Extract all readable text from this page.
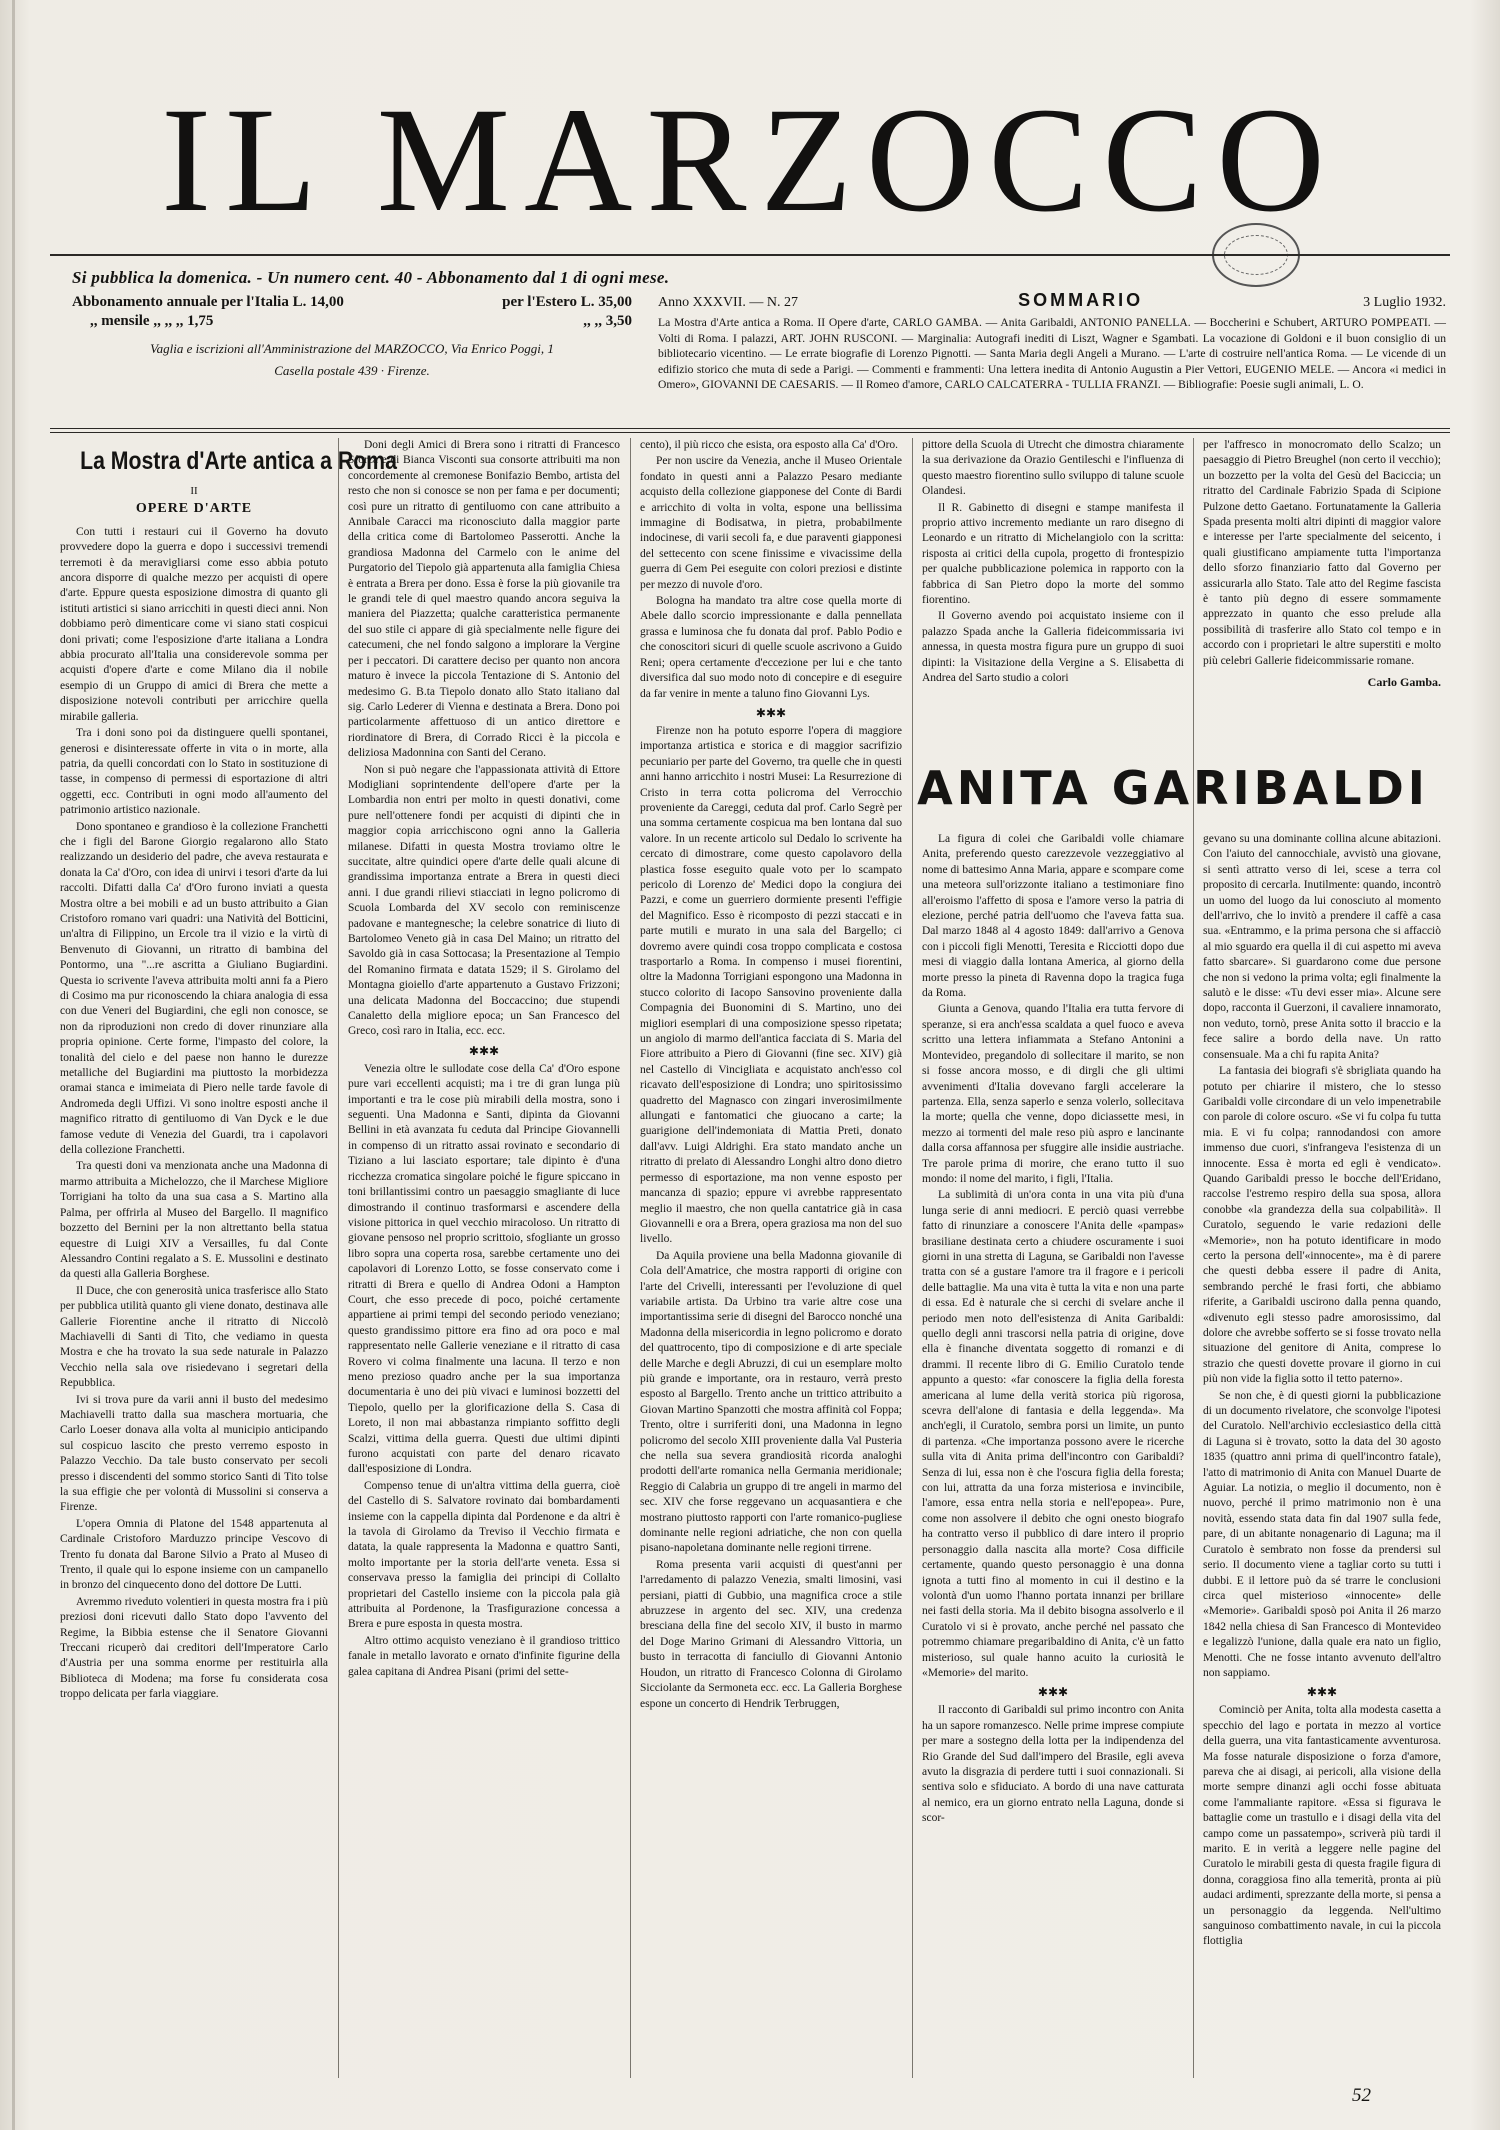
IL MARZOCCO
Si pubblica la domenica. - Un numero cent. 40 - Abbonamento dal 1 di ogni mese.
Abbonamento annuale per l'Italia L. 14,00	per l'Estero L. 35,00
,, mensile ,, ,, ,, 1,75	,, ,, 3,50
Vaglia e iscrizioni all'Amministrazione del MARZOCCO, Via Enrico Poggi, 1
Casella postale 439 · Firenze.
Anno XXXVII. — N. 27	SOMMARIO	3 Luglio 1932.
La Mostra d'Arte antica a Roma. II Opere d'arte, CARLO GAMBA. — Anita Garibaldi, ANTONIO PANELLA. — Boccherini e Schubert, ARTURO POMPEATI. — Volti di Roma. I palazzi, ART. JOHN RUSCONI. — Marginalia: Autografi inediti di Liszt, Wagner e Sgambati. La vocazione di Goldoni e il buon consiglio di un bibliotecario vicentino. — Le errate biografie di Lorenzo Pignotti. — Santa Maria degli Angeli a Murano. — L'arte di costruire nell'antica Roma. — Le vicende di un edifizio storico che muta di sede a Parigi. — Commenti e frammenti: Una lettera inedita di Antonio Augustin a Pier Vettori, EUGENIO MELE. — Ancora «i medici in Omero», GIOVANNI DE CAESARIS. — Il Romeo d'amore, CARLO CALCATERRA - TULLIA FRANZI. — Bibliografie: Poesie sugli animali, L. O.
La Mostra d'Arte antica a Roma
II
OPERE D'ARTE

Con tutti i restauri cui il Governo ha dovuto provvedere dopo la guerra e dopo i successivi tremendi terremoti è da meravigliarsi come esso abbia potuto ancora disporre di qualche mezzo per acquisti di opere d'arte. Eppure questa esposizione dimostra di quanto gli istituti artistici si siano arricchiti in questi dieci anni. Non dobbiamo però dimenticare come vi siano stati cospicui doni privati; come l'esposizione d'arte italiana a Londra abbia procurato all'Italia una considerevole somma per acquisti d'opere d'arte e come Milano dia il nobile esempio di un Gruppo di amici di Brera che mette a disposizione notevoli contributi per arricchire quella mirabile galleria.

Tra i doni sono poi da distinguere quelli spontanei, generosi e disinteressate offerte in vita o in morte, alla patria, da quelli concordati con lo Stato in sostituzione di tasse, in compenso di permessi di esportazione di altri oggetti, ecc. Contributi in ogni modo all'aumento del patrimonio artistico nazionale.

Dono spontaneo e grandioso è la collezione Franchetti che i figli del Barone Giorgio regalarono allo Stato realizzando un desiderio del padre, che aveva restaurata e donata la Ca' d'Oro, con idea di unirvi i tesori d'arte da lui raccolti. Difatti dalla Ca' d'Oro furono inviati a questa Mostra oltre a bei mobili e ad un busto attribuito a Gian Cristoforo romano vari quadri: una Natività del Botticini, un'altra di Filippino, un Ercole tra il vizio e la virtù di Benvenuto di Giovanni, un ritratto di bambina del Pontormo, una "...re ascritta a Giuliano Bugiardini. Questa io scrivente l'aveva attribuita molti anni fa a Piero di Cosimo ma pur riconoscendo la chiara analogia di essa con due Veneri del Bugiardini, che egli non conosce, se non da riproduzioni non credo di dover rinunziare alla propria opinione. Certe forme, l'impasto del colore, la tonalità del cielo e del paese non hanno le durezze metalliche del Bugiardini ma piuttosto la morbidezza oramai stanca e imimeiata di Piero nelle tarde favole di Andromeda degli Uffizi. Vi sono inoltre esposti anche il magnifico ritratto di gentiluomo di Van Dyck e le due famose vedute di Venezia del Guardi, tra i capolavori della collezione Franchetti.

Tra questi doni va menzionata anche una Madonna di marmo attribuita a Michelozzo, che il Marchese Migliore Torrigiani ha tolto da una sua casa a S. Martino alla Palma, per offrirla al Museo del Bargello. Il magnifico bozzetto del Bernini per la non altrettanto bella statua equestre di Luigi XIV a Versailles, fu dal Conte Alessandro Contini regalato a S. E. Mussolini e destinato da questi alla Galleria Borghese.

Il Duce, che con generosità unica trasferisce allo Stato per pubblica utilità quanto gli viene donato, destinava alle Gallerie Fiorentine anche il ritratto di Niccolò Machiavelli di Santi di Tito, che vediamo in questa Mostra e che ha trovato la sua sede naturale in Palazzo Vecchio nella sala ove risiedevano i segretari della Repubblica.

Ivi si trova pure da varii anni il busto del medesimo Machiavelli tratto dalla sua maschera mortuaria, che Carlo Loeser donava alla volta al municipio anticipando sul cospicuo lascito che presto verremo esposto in Palazzo Vecchio. Da tale busto conservato per secoli presso i discendenti del sommo storico Santi di Tito tolse la sua effigie che per volontà di Mussolini si conserva a Firenze.

L'opera Omnia di Platone del 1548 appartenuta al Cardinale Cristoforo Marduzzo principe Vescovo di Trento fu donata dal Barone Silvio a Prato al Museo di Trento, il quale qui lo espone insieme con un campanello in bronzo del cinquecento dono del dottore De Lutti.

Avremmo riveduto volentieri in questa mostra fra i più preziosi doni ricevuti dallo Stato dopo l'avvento del Regime, la Bibbia estense che il Senatore Giovanni Treccani ricuperò dai creditori dell'Imperatore Carlo d'Austria per una somma enorme per restituirla alla Biblioteca di Modena; ma forse fu considerata cosa troppo delicata per farla viaggiare.

Doni degli Amici di Brera sono i ritratti di Francesco Sforza e di Bianca Visconti sua consorte attribuiti ma non concordemente al cremonese Bonifazio Bembo, artista del resto che non si conosce se non per fama e per documenti; così pure un ritratto di gentiluomo con cane attribuito a Annibale Caracci ma riconosciuto dalla maggior parte della critica come di Bartolomeo Passerotti. Anche la grandiosa Madonna del Carmelo con le anime del Purgatorio del Tiepolo già appartenuta alla famiglia Chiesa è entrata a Brera per dono. Essa è forse la più giovanile tra le grandi tele di quel maestro quando ancora seguiva la maniera del Piazzetta; qualche caratteristica permanente del suo stile ci appare di già specialmente nelle figure dei catecumeni, che nel fondo salgono a implorare la Vergine per i peccatori. Di carattere deciso per quanto non ancora maturo è invece la piccola Tentazione di S. Antonio del medesimo G. B.ta Tiepolo donato allo Stato italiano dal sig. Carlo Lederer di Vienna e destinata a Brera. Dono poi particolarmente affettuoso di un antico direttore e riordinatore di Brera, di Corrado Ricci è la piccola e deliziosa Madonnina con Santi del Cerano.

Non si può negare che l'appassionata attività di Ettore Modigliani soprintendente dell'opere d'arte per la Lombardia non entri per molto in questi donativi, come pure nell'ottenere fondi per acquisti di dipinti che in maggior copia arricchiscono ogni anno la Galleria milanese. Difatti in questa Mostra troviamo oltre le succitate, altre quindici opere d'arte delle quali alcune di grandissima importanza entrate a Brera in questi dieci anni. I due grandi rilievi stiacciati in legno policromo di Scuola Lombarda del XV secolo con reminiscenze padovane e mantegnesche; la celebre sonatrice di liuto di Bartolomeo Veneto già in casa Del Maino; un ritratto del Savoldo già in casa Sottocasa; la Presentazione al Tempio del Romanino firmata e datata 1529; il S. Girolamo del Montagna gioiello d'arte appartenuto a Gustavo Frizzoni; una delicata Madonna del Boccaccino; due stupendi Canaletto della migliore epoca; un San Francesco del Greco, così raro in Italia, ecc. ecc.

✱✱✱

Venezia oltre le sullodate cose della Ca' d'Oro espone pure vari eccellenti acquisti; ma i tre di gran lunga più importanti e tra le cose più mirabili della mostra, sono i seguenti. Una Madonna e Santi, dipinta da Giovanni Bellini in età avanzata fu ceduta dal Principe Giovannelli in compenso di un ritratto assai rovinato e secondario di Tiziano a lui lasciato esportare; tale dipinto è d'una ricchezza cromatica singolare poiché le figure spiccano in toni brillantissimi contro un paesaggio smagliante di luce dimostrando il continuo trasformarsi e ascendere della visione pittorica in quel vecchio miracoloso. Un ritratto di giovane pensoso nel proprio scrittoio, sfogliante un grosso libro sopra una coperta rosa, sarebbe certamente uno dei capolavori di Lorenzo Lotto, se fosse conservato come i ritratti di Brera e quello di Andrea Odoni a Hampton Court, che esso precede di poco, poiché certamente appartiene ai primi tempi del secondo periodo veneziano; questo grandissimo pittore era fino ad ora poco e mal rappresentato nelle Gallerie veneziane e il ritratto di casa Rovero vi colma finalmente una lacuna. Il terzo e non meno prezioso quadro anche per la sua importanza documentaria è uno dei più vivaci e luminosi bozzetti del Tiepolo, quello per la glorificazione della S. Casa di Loreto, il non mai abbastanza rimpianto soffitto degli Scalzi, vittima della guerra. Questi due ultimi dipinti furono acquistati con parte del denaro ricavato dall'esposizione di Londra.

Compenso tenue di un'altra vittima della guerra, cioè del Castello di S. Salvatore rovinato dai bombardamenti insieme con la cappella dipinta dal Pordenone e da altri è la tavola di Girolamo da Treviso il Vecchio firmata e datata, la quale rappresenta la Madonna e quattro Santi, molto importante per la storia dell'arte veneta. Essa si conservava presso la famiglia dei principi di Collalto proprietari del Castello insieme con la piccola pala già attribuita al Pordenone, la Trasfigurazione concessa a Brera e pure esposta in questa mostra.

Altro ottimo acquisto veneziano è il grandioso trittico fanale in metallo lavorato e ornato d'infinite figurine della galea capitana di Andrea Pisani (primi del sette-

cento), il più ricco che esista, ora esposto alla Ca' d'Oro.

Per non uscire da Venezia, anche il Museo Orientale fondato in questi anni a Palazzo Pesaro mediante acquisto della collezione giapponese del Conte di Bardi e arricchito di volta in volta, espone una bellissima immagine di Bodisatwa, in pietra, probabilmente indocinese, di varii secoli fa, e due paraventi giapponesi del settecento con scene finissime e vivacissime della guerra di Gem Pei eseguite con colori preziosi e distinte per mezzo di nuvole d'oro.

Bologna ha mandato tra altre cose quella morte di Abele dallo scorcio impressionante e dalla pennellata grassa e luminosa che fu donata dal prof. Pablo Podio e che conoscitori sicuri di quelle scuole ascrivono a Guido Reni; opera certamente d'eccezione per lui e che tanto diversifica dal suo modo noto di concepire e di eseguire da far venire in mente a taluno fino Giovanni Lys.

✱✱✱

Firenze non ha potuto esporre l'opera di maggiore importanza artistica e storica e di maggior sacrifizio pecuniario per parte del Governo, tra quelle che in questi anni hanno arricchito i nostri Musei: La Resurrezione di Cristo in terra cotta policroma del Verrocchio proveniente da Careggi, ceduta dal prof. Carlo Segrè per una somma certamente cospicua ma ben lontana dal suo valore. In un recente articolo sul Dedalo lo scrivente ha cercato di dimostrare, come questo capolavoro della plastica fosse eseguito quale voto per lo scampato pericolo di Lorenzo de' Medici dopo la congiura dei Pazzi, e come un guerriero dormiente presenti l'effigie del Magnifico. Esso è ricomposto di pezzi staccati e in parte mutili e murato in una sala del Bargello; ci dovremo avere quindi cosa troppo complicata e costosa trasportarlo a Roma. In compenso i musei fiorentini, oltre la Madonna Torrigiani espongono una Madonna in stucco colorito di Iacopo Sansovino proveniente dalla Compagnia dei Buonomini di S. Martino, uno dei migliori esemplari di una composizione spesso ripetata; un angiolo di marmo dell'antica facciata di S. Maria del Fiore attribuito a Piero di Giovanni (fine sec. XIV) già nel Castello di Vincigliata e acquistato anch'esso col ricavato dell'esposizione di Londra; uno spiritosissimo quadretto del Magnasco con zingari inverosimilmente allungati e fantomatici che giuocano a carte; la guarigione dell'indemoniata di Mattia Preti, donato dall'avv. Luigi Aldrighi. Era stato mandato anche un ritratto di prelato di Alessandro Longhi altro dono dietro permesso di esportazione, ma non venne esposto per mancanza di spazio; eppure vi avrebbe rappresentato meglio il maestro, che non quella cantatrice già in casa Giovannelli e ora a Brera, opera graziosa ma non del suo livello.

Da Aquila proviene una bella Madonna giovanile di Cola dell'Amatrice, che mostra rapporti di origine con l'arte del Crivelli, interessanti per l'evoluzione di quel variabile artista. Da Urbino tra varie altre cose una importantissima serie di disegni del Barocco nonché una Madonna della misericordia in legno policromo e dorato del quattrocento, tipo di composizione e di arte speciale delle Marche e degli Abruzzi, di cui un esemplare molto più grande e importante, ora in restauro, verrà presto esposto al Bargello. Trento anche un trittico attribuito a Giovan Martino Spanzotti che mostra affinità col Foppa; Trento, oltre i surriferiti doni, una Madonna in legno policromo del secolo XIII proveniente dalla Val Pusteria che nella sua severa grandiosità ricorda analoghi prodotti dell'arte romanica nella Germania meridionale; Reggio di Calabria un gruppo di tre angeli in marmo del sec. XIV che forse reggevano un acquasantiera e che mostrano piuttosto rapporti con l'arte romanico-pugliese dominante nelle regioni adriatiche, che non con quella pisano-napoletana dominante nelle regioni tirrene.

Roma presenta varii acquisti di quest'anni per l'arredamento di palazzo Venezia, smalti limosini, vasi persiani, piatti di Gubbio, una magnifica croce a stile abruzzese in argento del sec. XIV, una credenza bresciana della fine del secolo XIV, il busto in marmo del Doge Marino Grimani di Alessandro Vittoria, un busto in terracotta di fanciullo di Giovanni Antonio Houdon, un ritratto di Francesco Colonna di Girolamo Sicciolante da Sermoneta ecc. ecc. La Galleria Borghese espone un concerto di Hendrik Terbruggen,

pittore della Scuola di Utrecht che dimostra chiaramente la sua derivazione da Orazio Gentileschi e l'influenza di questo maestro fiorentino sullo sviluppo di talune scuole Olandesi.

Il R. Gabinetto di disegni e stampe manifesta il proprio attivo incremento mediante un raro disegno di Leonardo e un ritratto di Michelangiolo con la scritta: risposta ai critici della cupola, progetto di frontespizio per qualche pubblicazione polemica in rapporto con la fabbrica di San Pietro dopo la morte del sommo fiorentino.

Il Governo avendo poi acquistato insieme con il palazzo Spada anche la Galleria fideicommissaria ivi annessa, in questa mostra figura pure un gruppo di suoi dipinti: la Visitazione della Vergine a S. Elisabetta di Andrea del Sarto studio a colori

per l'affresco in monocromato dello Scalzo; un paesaggio di Pietro Breughel (non certo il vecchio); un bozzetto per la volta del Gesù del Baciccia; un ritratto del Cardinale Fabrizio Spada di Scipione Pulzone detto Gaetano. Fortunatamente la Galleria Spada presenta molti altri dipinti di maggior valore e interesse per l'arte specialmente del seicento, i quali giustificano ampiamente tutta l'importanza dello sforzo finanziario fatto dal Governo per assicurarla allo Stato. Tale atto del Regime fascista è tanto più degno di essere sommamente apprezzato in quanto che esso prelude alla possibilità di trasferire allo Stato col tempo e in accordo con i proprietari le altre superstiti e molto più celebri Gallerie fideicommissarie romane.

Carlo Gamba.
ANITA GARIBALDI

La figura di colei che Garibaldi volle chiamare Anita, preferendo questo carezzevole vezzeggiativo al nome di battesimo Anna Maria, appare e scompare come una meteora sull'orizzonte italiano a testimoniare fino all'eroismo l'affetto di sposa e l'amore verso la patria di elezione, perché patria dell'uomo che l'aveva fatta sua. Dal marzo 1848 al 4 agosto 1849: dall'arrivo a Genova con i piccoli figli Menotti, Teresita e Ricciotti dopo due mesi di viaggio dalla lontana America, al giorno della morte presso la pineta di Ravenna dopo la tragica fuga da Roma.

Giunta a Genova, quando l'Italia era tutta fervore di speranze, si era anch'essa scaldata a quel fuoco e aveva scritto una lettera infiammata a Stefano Antonini a Montevideo, pregandolo di sollecitare il marito, se non si fosse ancora mosso, e di dirgli che gli ultimi avvenimenti d'Italia dovevano fargli accelerare la partenza. Ella, senza saperlo e senza volerlo, sollecitava la morte; quella che venne, dopo diciassette mesi, in mezzo ai tormenti del male reso più aspro e lancinante dalla corsa affannosa per sfuggire alle insidie austriache. Tre parole prima di morire, che erano tutto il suo mondo: il nome del marito, i figli, l'Italia.

La sublimità di un'ora conta in una vita più d'una lunga serie di anni mediocri. E perciò quasi verrebbe fatto di rinunziare a conoscere l'Anita delle «pampas» brasiliane destinata certo a chiudere oscuramente i suoi giorni in una stretta di Laguna, se Garibaldi non l'avesse tratta con sé a gustare l'amore tra il fragore e i pericoli delle battaglie. Ma una vita è tutta la vita e non una parte di essa. Ed è naturale che si cerchi di svelare anche il periodo men noto dell'esistenza di Anita Garibaldi: quello degli anni trascorsi nella patria di origine, dove ella è finanche diventata soggetto di romanzi e di drammi. Il recente libro di G. Emilio Curatolo tende appunto a questo: «far conoscere la figlia della foresta americana al lume della verità storica più rigorosa, scevra dell'alone di fantasia e della leggenda». Ma anch'egli, il Curatolo, sembra porsi un limite, un punto di partenza. «Che importanza possono avere le ricerche sulla vita di Anita prima dell'incontro con Garibaldi? Senza di lui, essa non è che l'oscura figlia della foresta; con lui, attratta da una forza misteriosa e invincibile, l'amore, essa entra nella storia e nell'epopea». Pure, come non assolvere il debito che ogni onesto biografo ha contratto verso il pubblico di dare intero il proprio personaggio dalla nascita alla morte? Cosa difficile certamente, quando questo personaggio è una donna ignota a tutti fino al momento in cui il destino e la volontà d'un uomo l'hanno portata innanzi per brillare nei fasti della storia. Ma il debito bisogna assolverlo e il Curatolo vi si è provato, anche perché nel passato che potremmo chiamare pregaribaldino di Anita, c'è un fatto misterioso, sul quale hanno acuito la curiosità le «Memorie» del marito.

✱✱✱

Il racconto di Garibaldi sul primo incontro con Anita ha un sapore romanzesco. Nelle prime imprese compiute per mare a sostegno della lotta per la indipendenza del Rio Grande del Sud dall'impero del Brasile, egli aveva avuto la disgrazia di perdere tutti i suoi connazionali. Si sentiva solo e sfiduciato. A bordo di una nave catturata al nemico, era un giorno entrato nella Laguna, donde si scor-

gevano su una dominante collina alcune abitazioni. Con l'aiuto del cannocchiale, avvistò una giovane, si sentì attratto verso di lei, scese a terra col proposito di cercarla. Inutilmente: quando, incontrò un uomo del luogo da lui conosciuto al momento dell'arrivo, che lo invitò a prendere il caffè a casa sua. «Entrammo, e la prima persona che si affacciò al mio sguardo era quella il di cui aspetto mi aveva fatto sbarcare». Si guardarono come due persone che non si vedono la prima volta; egli finalmente la salutò e le disse: «Tu devi esser mia». Alcune sere dopo, racconta il Guerzoni, il cavaliere innamorato, non veduto, tornò, prese Anita sotto il braccio e la fece salire a bordo della nave. Un ratto consensuale. Ma a chi fu rapita Anita?

La fantasia dei biografi s'è sbrigliata quando ha potuto per chiarire il mistero, che lo stesso Garibaldi volle circondare di un velo impenetrabile con parole di colore oscuro. «Se vi fu colpa fu tutta mia. E vi fu colpa; rannodandosi con amore immenso due cuori, s'infrangeva l'esistenza di un innocente. Essa è morta ed egli è vendicato». Quando Garibaldi presso le bocche dell'Eridano, raccolse l'estremo respiro della sua sposa, allora conobbe «la grandezza della sua colpabilità». Il Curatolo, seguendo le varie redazioni delle «Memorie», non ha potuto identificare in modo certo la persona dell'«innocente», ma è di parere che questi debba essere il padre di Anita, sembrando perché le frasi forti, che abbiamo riferite, a Garibaldi uscirono dalla penna quando, «divenuto egli stesso padre amorosissimo, dal dolore che avrebbe sofferto se si fosse trovato nella situazione del genitore di Anita, comprese lo strazio che questi dovette provare il giorno in cui più non vide la figlia sotto il tetto paterno».

Se non che, è di questi giorni la pubblicazione di un documento rivelatore, che sconvolge l'ipotesi del Curatolo. Nell'archivio ecclesiastico della città di Laguna si è trovato, sotto la data del 30 agosto 1835 (quattro anni prima di quell'incontro fatale), l'atto di matrimonio di Anita con Manuel Duarte de Aguiar. La notizia, o meglio il documento, non è nuovo, perché il primo matrimonio non è una novità, essendo stata data fin dal 1907 sulla fede, pare, di un abitante nonagenario di Laguna; ma il Curatolo è sembrato non fosse da prendersi sul serio. Il documento viene a tagliar corto su tutti i dubbi. E il lettore può da sé trarre le conclusioni circa quel misterioso «innocente» delle «Memorie». Garibaldi sposò poi Anita il 26 marzo 1842 nella chiesa di San Francesco di Montevideo e legalizzò l'unione, dalla quale era nato un figlio, Menotti. Che ne fosse intanto avvenuto dell'altro non sappiamo.

✱✱✱

Cominciò per Anita, tolta alla modesta casetta a specchio del lago e portata in mezzo al vortice della guerra, una vita fantasticamente avventurosa. Ma fosse naturale disposizione o forza d'amore, pareva che ai disagi, ai pericoli, alla visione della morte sempre dinanzi agli occhi fosse abituata come l'ammaliante rapitore. «Essa si figurava le battaglie come un trastullo e i disagi della vita del campo come un passatempo», scriverà più tardi il marito. E in verità a leggere nelle pagine del Curatolo le mirabili gesta di questa fragile figura di donna, coraggiosa fino alla temerità, pronta ai più audaci ardimenti, sprezzante della morte, si pensa a un personaggio da leggenda. Nell'ultimo sanguinoso combattimento navale, in cui la piccola flottiglia

52
